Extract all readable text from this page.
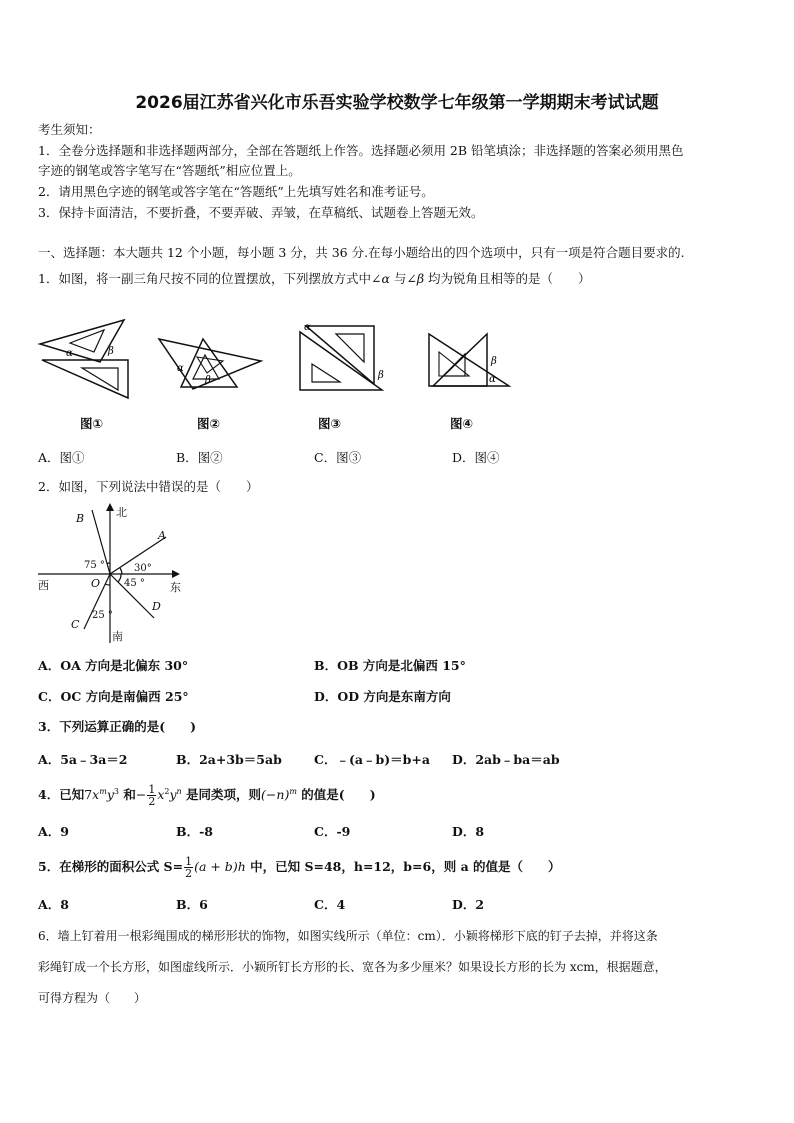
2026届江苏省兴化市乐吾实验学校数学七年级第一学期期末考试试题
考生须知：
1．全卷分选择题和非选择题两部分，全部在答题纸上作答。选择题必须用 2B 铅笔填涂；非选择题的答案必须用黑色
字迹的钢笔或答字笔写在“答题纸”相应位置上。
2．请用黑色字迹的钢笔或答字笔在“答题纸”上先填写姓名和准考证号。
3．保持卡面清洁，不要折叠，不要弄破、弄皱，在草稿纸、试题卷上答题无效。
一、选择题：本大题共 12 个小题，每小题 3 分，共 36 分.在每小题给出的四个选项中，只有一项是符合题目要求的.
1．如图，将一副三角尺按不同的位置摆放，下列摆放方式中∠α 与∠β 均为锐角且相等的是（　　）
α	β
图①
α
β
图②
α
β
图③
β
α
图④
A．图①	B．图②	C．图③	D．图④
2．如图，下列说法中错误的是（　　）
北
南
西	东
O
A
B
C
D
75 °	30°
45 °
25 °
A．OA 方向是北偏东 30°	B．OB 方向是北偏西 15°
C．OC 方向是南偏西 25°	D．OD 方向是东南方向
3．下列运算正确的是(　　)
A．5a﹣3a＝2	B．2a+3b＝5ab	C．﹣(a﹣b)＝b+a D．2ab﹣ba＝ab
4．已知$7x^my^3$ 和− $\frac{1}{2} x^2y^n$ 是同类项，则$(-n)^m$ 的值是(　　)
A．9	B．-8	C．-9	D．8
5．在梯形的面积公式 $S= \frac{1}{2} (a + b)h$ 中，已知 S=48，h=12，b=6，则 a 的值是（　　）
A．8	B．6	C．4	D．2
6．墙上钉着用一根彩绳围成的梯形形状的饰物，如图实线所示（单位：cm）．小颖将梯形下底的钉子去掉，并将这条
彩绳钉成一个长方形，如图虚线所示．小颖所钉长方形的长、宽各为多少厘米？如果设长方形的长为 xcm，根据题意，
可得方程为（　　）
